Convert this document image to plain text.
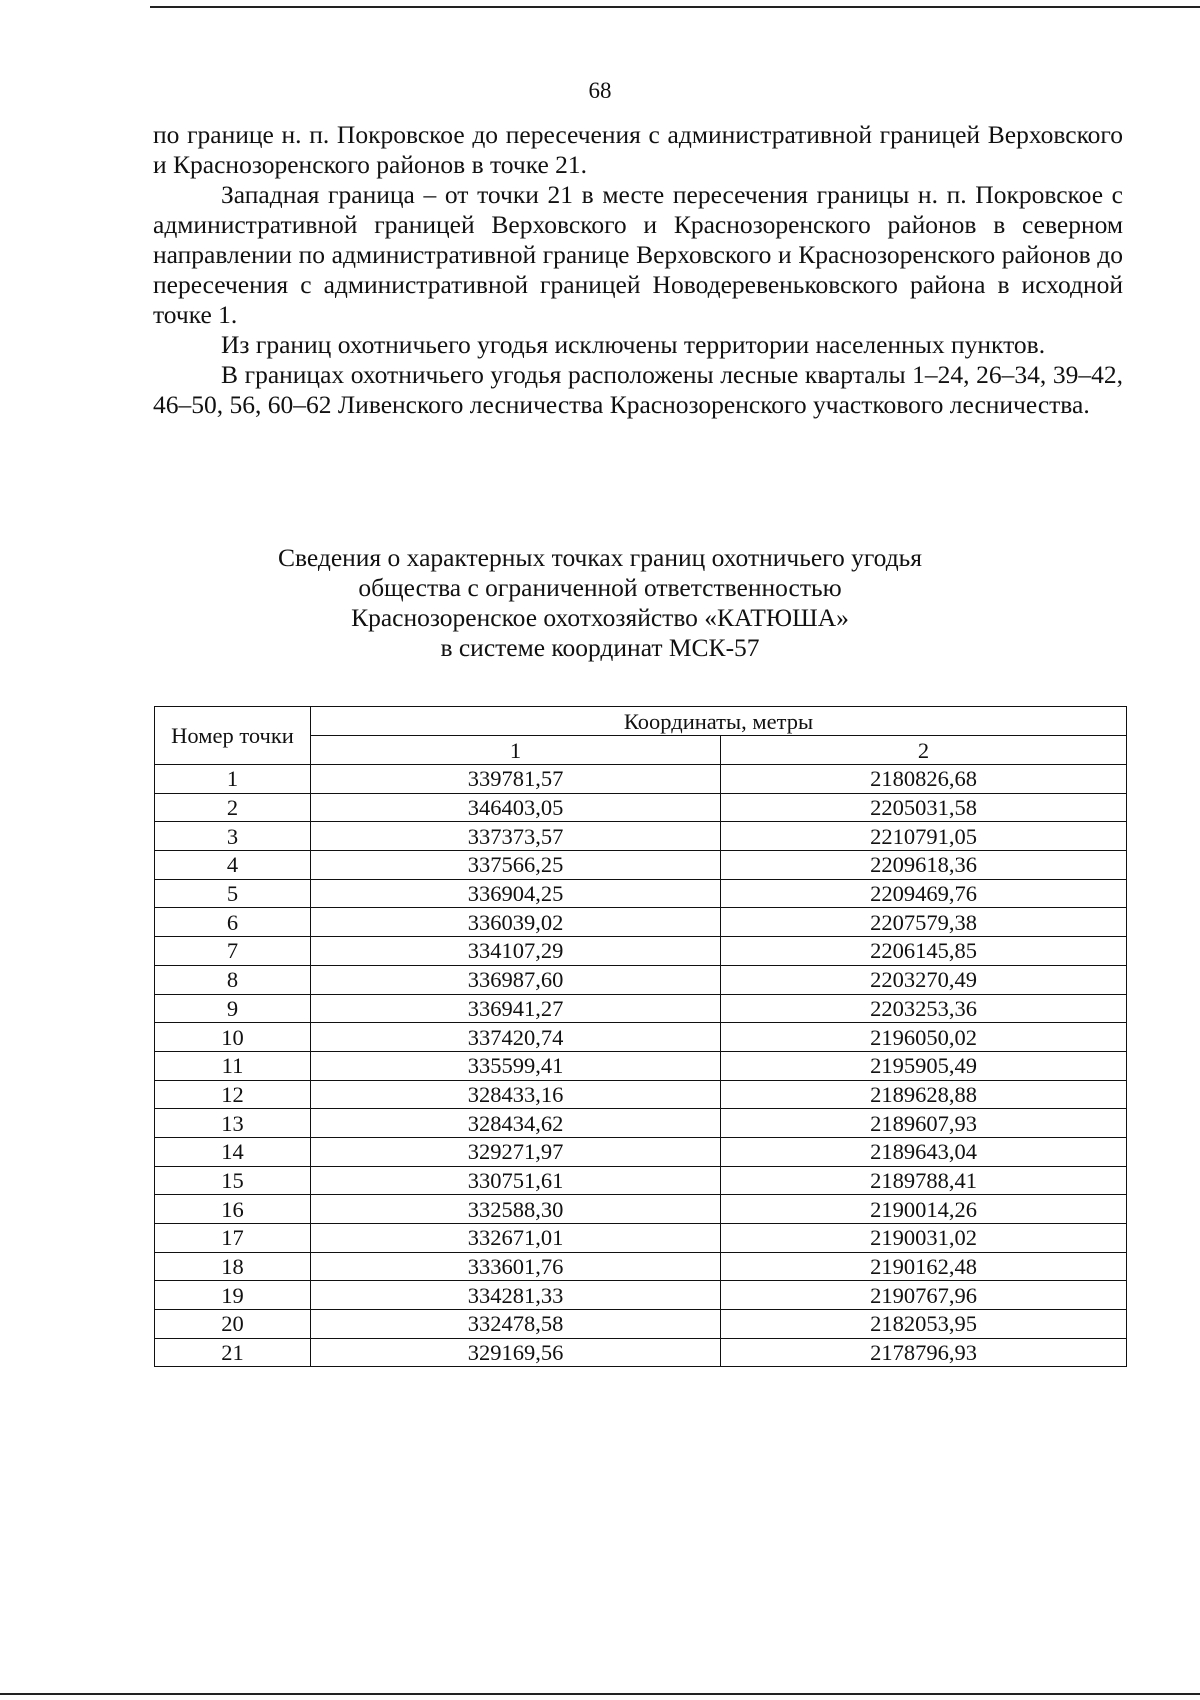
68

по границе н. п. Покровское до пересечения с административной границей Верховского и Краснозоренского районов в точке 21.

Западная граница – от точки 21 в месте пересечения границы н. п. Покровское с административной границей Верховского и Краснозоренского районов в северном направлении по административной границе Верховского и Краснозоренского районов до пересечения с административной границей Новодеревеньковского района в исходной точке 1.

Из границ охотничьего угодья исключены территории населенных пунктов.

В границах охотничьего угодья расположены лесные кварталы 1–24, 26–34, 39–42, 46–50, 56, 60–62 Ливенского лесничества Краснозоренского участкового лесничества.

Сведения о характерных точках границ охотничьего угодья
общества с ограниченной ответственностью
Краснозоренское охотхозяйство «КАТЮША»
в системе координат МСК-57
Номер точки	Координаты, метры	
	1	2
1	339781,57	2180826,68
2	346403,05	2205031,58
3	337373,57	2210791,05
4	337566,25	2209618,36
5	336904,25	2209469,76
6	336039,02	2207579,38
7	334107,29	2206145,85
8	336987,60	2203270,49
9	336941,27	2203253,36
10	337420,74	2196050,02
11	335599,41	2195905,49
12	328433,16	2189628,88
13	328434,62	2189607,93
14	329271,97	2189643,04
15	330751,61	2189788,41
16	332588,30	2190014,26
17	332671,01	2190031,02
18	333601,76	2190162,48
19	334281,33	2190767,96
20	332478,58	2182053,95
21	329169,56	2178796,93
